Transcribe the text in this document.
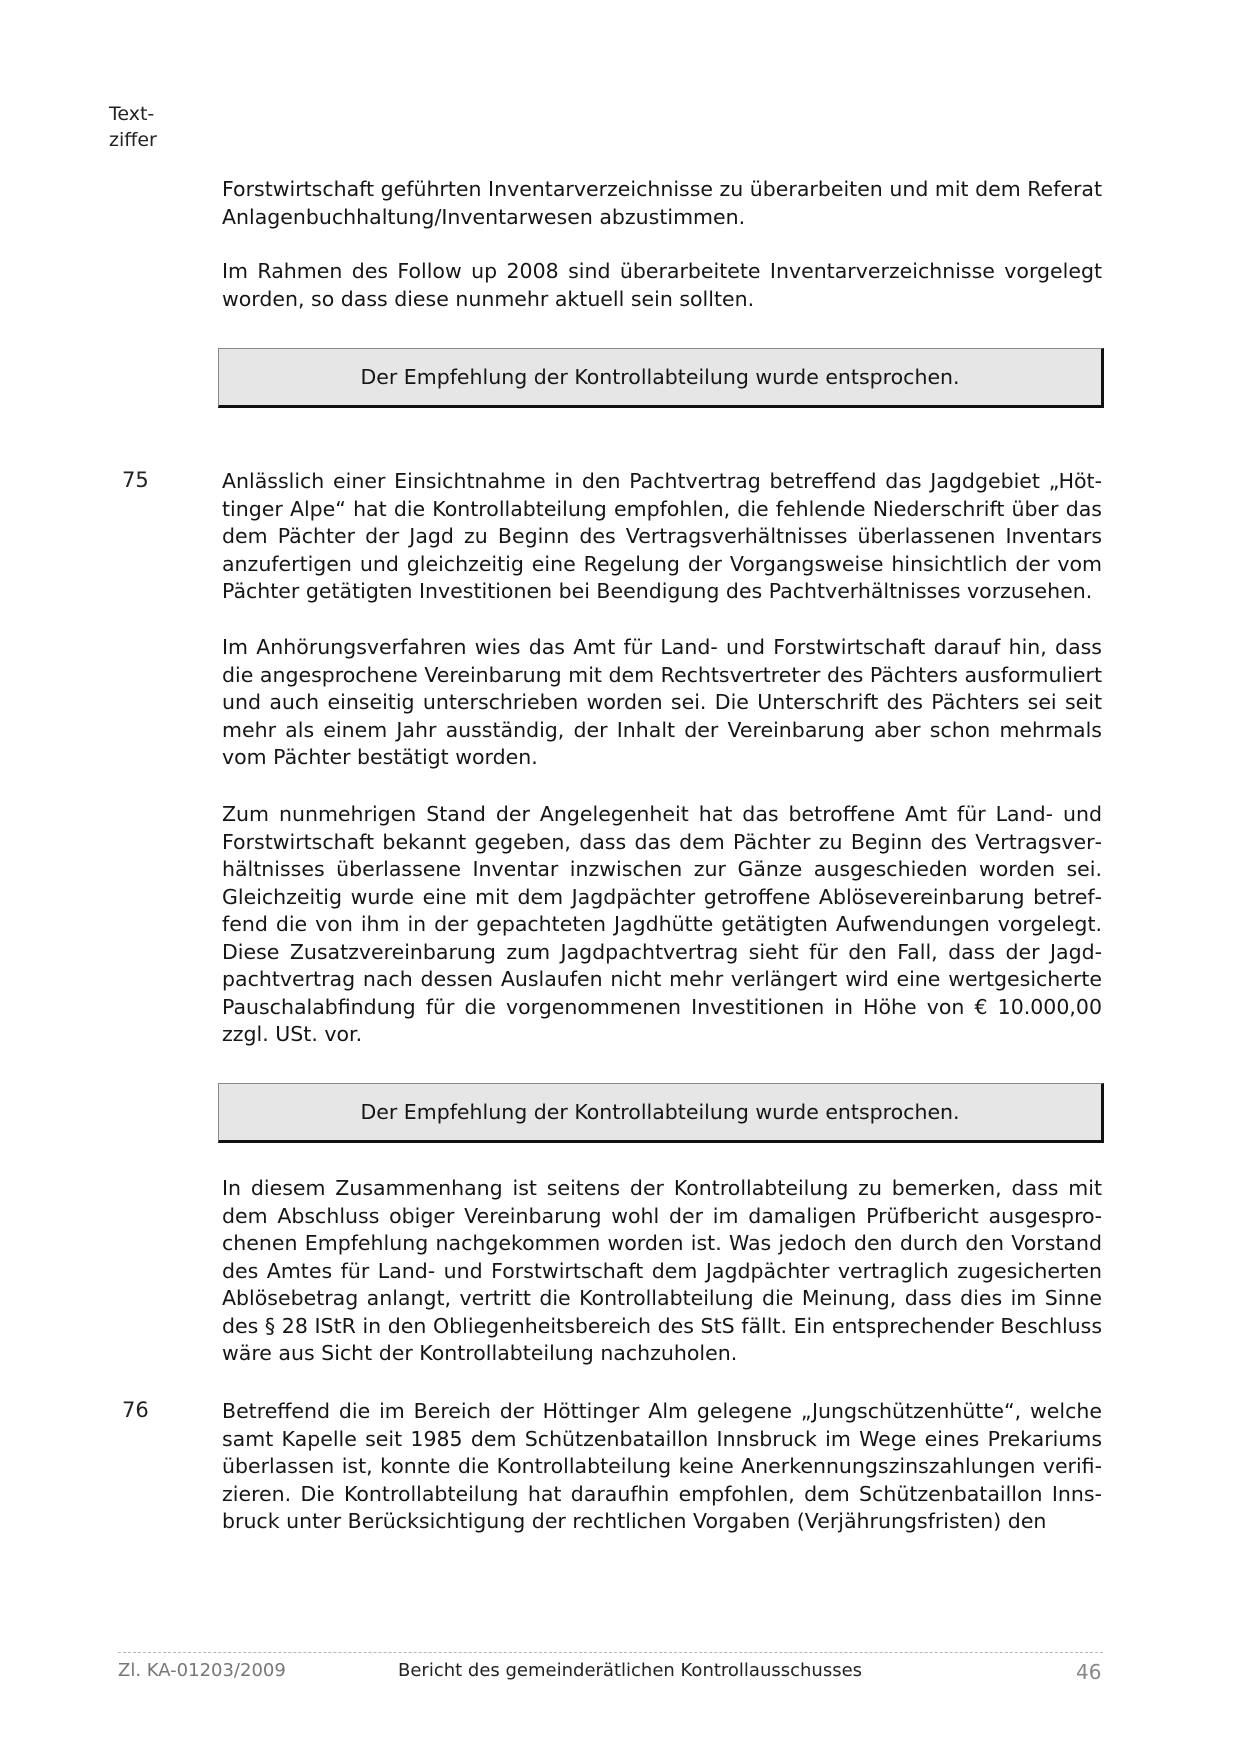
Text-
ziffer
Forstwirtschaft geführten Inventarverzeichnisse zu überarbeiten und mit dem Referat Anlagenbuchhaltung/Inventarwesen abzustimmen.
Im Rahmen des Follow up 2008 sind überarbeitete Inventarverzeichnisse vorgelegt worden, so dass diese nunmehr aktuell sein sollten.
Der Empfehlung der Kontrollabteilung wurde entsprochen.
75	Anlässlich einer Einsichtnahme in den Pachtvertrag betreffend das Jagdgebiet „Höttinger Alpe“ hat die Kontrollabteilung empfohlen, die fehlende Niederschrift über das dem Pächter der Jagd zu Beginn des Vertragsverhältnisses überlassenen Inventars anzufertigen und gleichzeitig eine Regelung der Vorgangsweise hinsichtlich der vom Pächter getätigten Investitionen bei Beendigung des Pachtverhältnisses vorzusehen.
Im Anhörungsverfahren wies das Amt für Land- und Forstwirtschaft darauf hin, dass die angesprochene Vereinbarung mit dem Rechtsvertreter des Pächters ausformuliert und auch einseitig unterschrieben worden sei. Die Unterschrift des Pächters sei seit mehr als einem Jahr ausständig, der Inhalt der Vereinbarung aber schon mehrmals vom Pächter bestätigt worden.
Zum nunmehrigen Stand der Angelegenheit hat das betroffene Amt für Land- und Forstwirtschaft bekannt gegeben, dass das dem Pächter zu Beginn des Vertragsverhältnisses überlassene Inventar inzwischen zur Gänze ausgeschieden worden sei. Gleichzeitig wurde eine mit dem Jagdpächter getroffene Ablösevereinbarung betreffend die von ihm in der gepachteten Jagdhütte getätigten Aufwendungen vorgelegt. Diese Zusatzvereinbarung zum Jagdpachtvertrag sieht für den Fall, dass der Jagdpachtvertrag nach dessen Auslaufen nicht mehr verlängert wird eine wertgesicherte Pauschalabfindung für die vorgenommenen Investitionen in Höhe von € 10.000,00 zzgl. USt. vor.
Der Empfehlung der Kontrollabteilung wurde entsprochen.
In diesem Zusammenhang ist seitens der Kontrollabteilung zu bemerken, dass mit dem Abschluss obiger Vereinbarung wohl der im damaligen Prüfbericht ausgesprochenen Empfehlung nachgekommen worden ist. Was jedoch den durch den Vorstand des Amtes für Land- und Forstwirtschaft dem Jagdpächter vertraglich zugesicherten Ablösebetrag anlangt, vertritt die Kontrollabteilung die Meinung, dass dies im Sinne des § 28 IStR in den Obliegenheitsbereich des StS fällt. Ein entsprechender Beschluss wäre aus Sicht der Kontrollabteilung nachzuholen.
76	Betreffend die im Bereich der Höttinger Alm gelegene „Jungschützenhütte“, welche samt Kapelle seit 1985 dem Schützenbataillon Innsbruck im Wege eines Prekariums überlassen ist, konnte die Kontrollabteilung keine Anerkennungszinszahlungen verifizieren. Die Kontrollabteilung hat daraufhin empfohlen, dem Schützenbataillon Innsbruck unter Berücksichtigung der rechtlichen Vorgaben (Verjährungsfristen) den
Zl. KA-01203/2009	Bericht des gemeinderätlichen Kontrollausschusses	46
